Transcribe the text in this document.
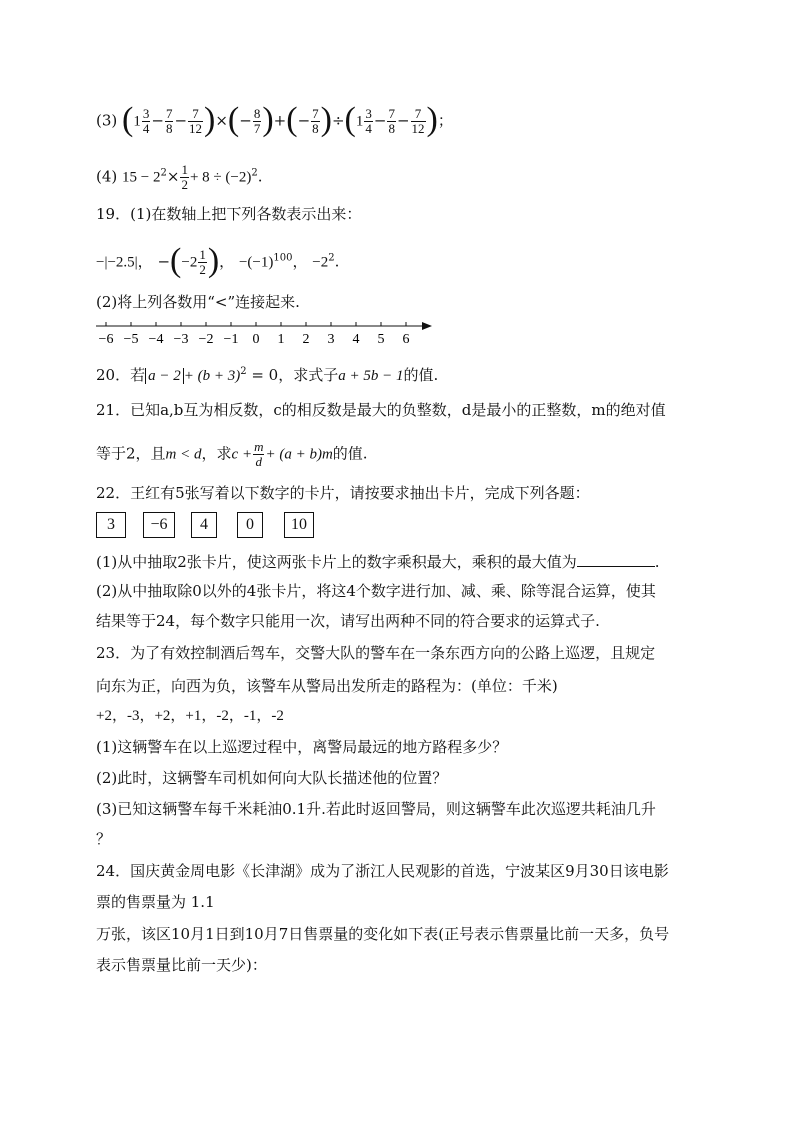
(3) ($1 \frac{3}{4} - \frac{7}{8} - \frac{7}{12}$ )×(− $\frac{8}{7}$ )+(− $\frac{7}{8} )\div(1 \frac{3}{4} - \frac{7}{8} - \frac{7}{12}$ )；
(4) $15 - 2^2\times \frac{1}{2} + 8 \div (-2)^2$.
19．(1)在数轴上把下列各数表示出来：
−|−2.5|， $-(-2 \frac{1}{2}$ )， $-(-1)^{100}$， $-2^2$.
(2)将上列各数用“<”连接起来.
−6 −5 −4 −3 −2 −1 0 1 2 3 4 5 6
20．若 $a - 2 + (b + 3)^2 = 0$，求式子a + 5b − 1的值.
21．已知a,b互为相反数，c的相反数是最大的负整数，d是最小的正整数，m的绝对值
等于2，且m < d，求$c + \frac{m}{d} + (a + b)m$的值.
22．王红有5张写着以下数字的卡片，请按要求抽出卡片，完成下列各题：
3	−6	4	0	10
(1)从中抽取2张卡片，使这两张卡片上的数字乘积最大，乘积的最大值为	.
(2)从中抽取除0以外的4张卡片，将这4个数字进行加、减、乘、除等混合运算，使其
结果等于24，每个数字只能用一次，请写出两种不同的符合要求的运算式子.
23．为了有效控制酒后驾车，交警大队的警车在一条东西方向的公路上巡逻，且规定
向东为正，向西为负，该警车从警局出发所走的路程为：(单位：千米)
+2，-3，+2，+1，-2，-1，-2
(1)这辆警车在以上巡逻过程中，离警局最远的地方路程多少？
(2)此时，这辆警车司机如何向大队长描述他的位置？
(3)已知这辆警车每千米耗油0.1升.若此时返回警局，则这辆警车此次巡逻共耗油几升
？
24．国庆黄金周电影《长津湖》成为了浙江人民观影的首选，宁波某区9月30日该电影
票的售票量为 1.1
万张，该区10月1日到10月7日售票量的变化如下表(正号表示售票量比前一天多，负号
表示售票量比前一天少)：
